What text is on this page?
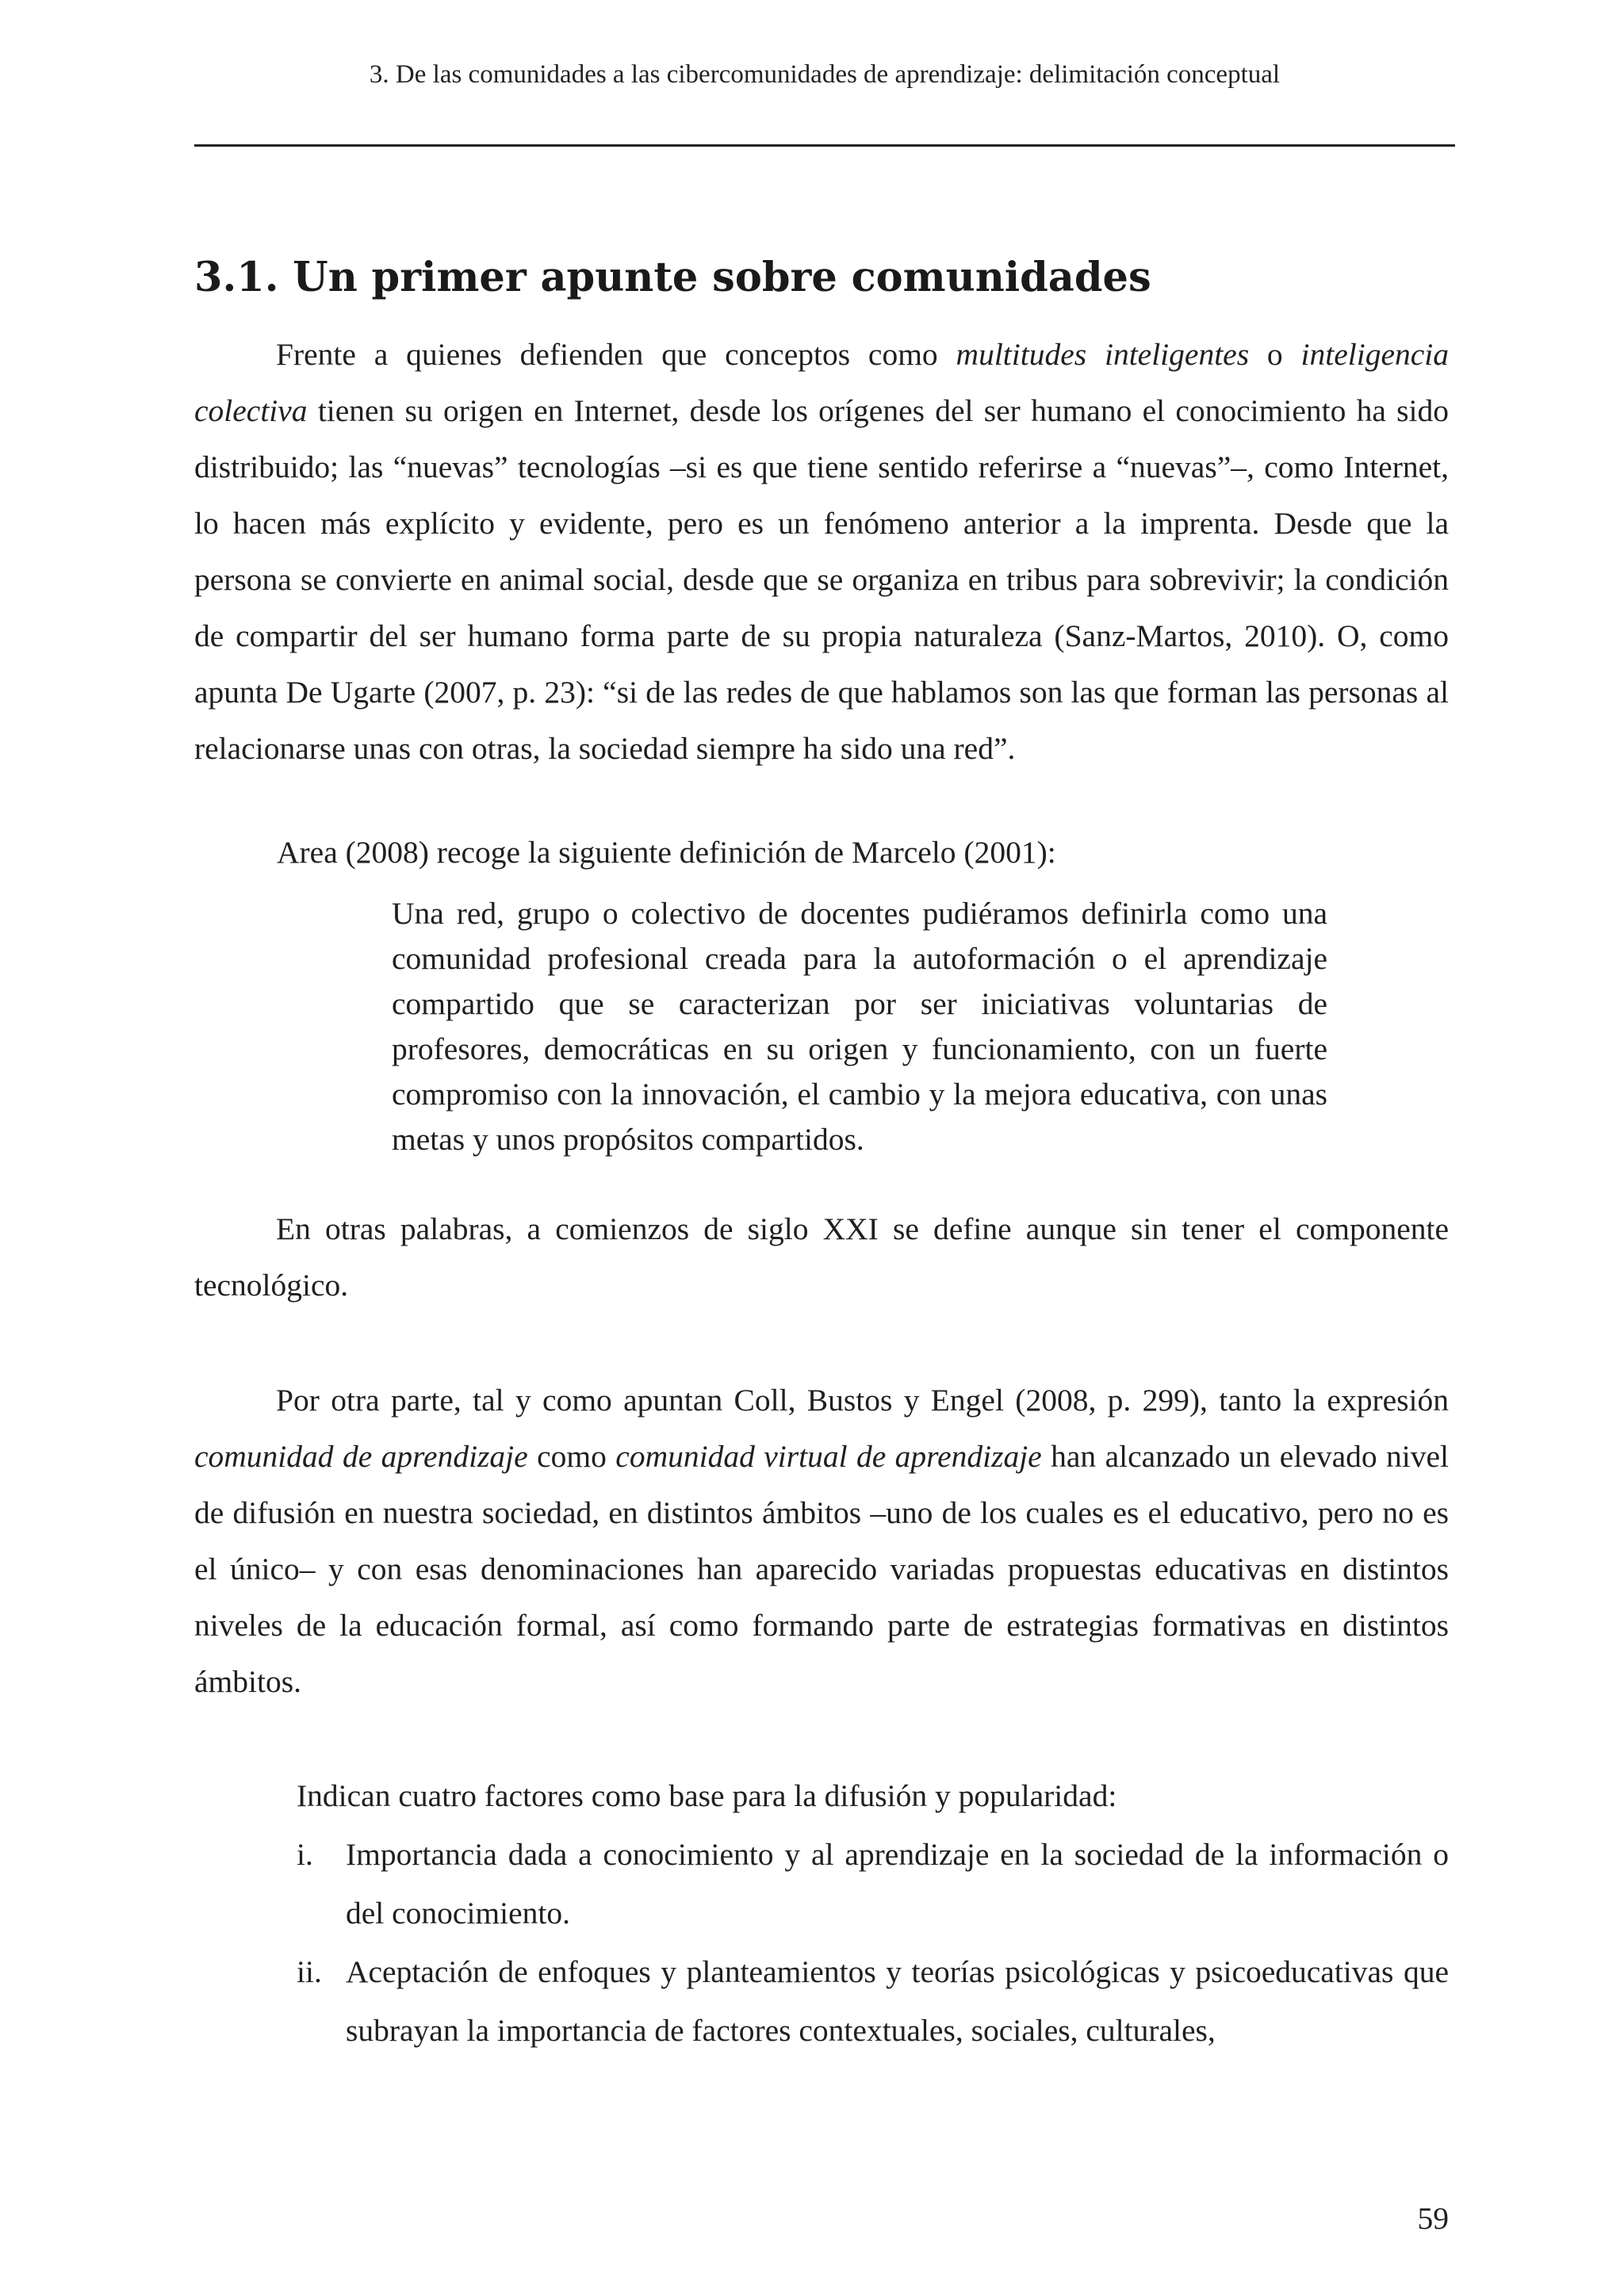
3. De las comunidades a las cibercomunidades de aprendizaje: delimitación conceptual
3.1. Un primer apunte sobre comunidades

Frente a quienes defienden que conceptos como multitudes inteligentes o inteligencia colectiva tienen su origen en Internet, desde los orígenes del ser humano el conocimiento ha sido distribuido; las “nuevas” tecnologías –si es que tiene sentido referirse a “nuevas”–, como Internet, lo hacen más explícito y evidente, pero es un fenómeno anterior a la imprenta. Desde que la persona se convierte en animal social, desde que se organiza en tribus para sobrevivir; la condición de compartir del ser humano forma parte de su propia naturaleza (Sanz-Martos, 2010). O, como apunta De Ugarte (2007, p. 23): “si de las redes de que hablamos son las que forman las personas al relacionarse unas con otras, la sociedad siempre ha sido una red”.

Area (2008) recoge la siguiente definición de Marcelo (2001):

Una red, grupo o colectivo de docentes pudiéramos definirla como una comunidad profesional creada para la autoformación o el aprendizaje compartido que se caracterizan por ser iniciativas voluntarias de profesores, democráticas en su origen y funcionamiento, con un fuerte compromiso con la innovación, el cambio y la mejora educativa, con unas metas y unos propósitos compartidos.

En otras palabras, a comienzos de siglo XXI se define aunque sin tener el componente tecnológico.

Por otra parte, tal y como apuntan Coll, Bustos y Engel (2008, p. 299), tanto la expresión comunidad de aprendizaje como comunidad virtual de aprendizaje han alcanzado un elevado nivel de difusión en nuestra sociedad, en distintos ámbitos –uno de los cuales es el educativo, pero no es el único– y con esas denominaciones han aparecido variadas propuestas educativas en distintos niveles de la educación formal, así como formando parte de estrategias formativas en distintos ámbitos.

Indican cuatro factores como base para la difusión y popularidad:

i. Importancia dada a conocimiento y al aprendizaje en la sociedad de la información o del conocimiento.
ii. Aceptación de enfoques y planteamientos y teorías psicológicas y psicoeducativas que subrayan la importancia de factores contextuales, sociales, culturales,
59
